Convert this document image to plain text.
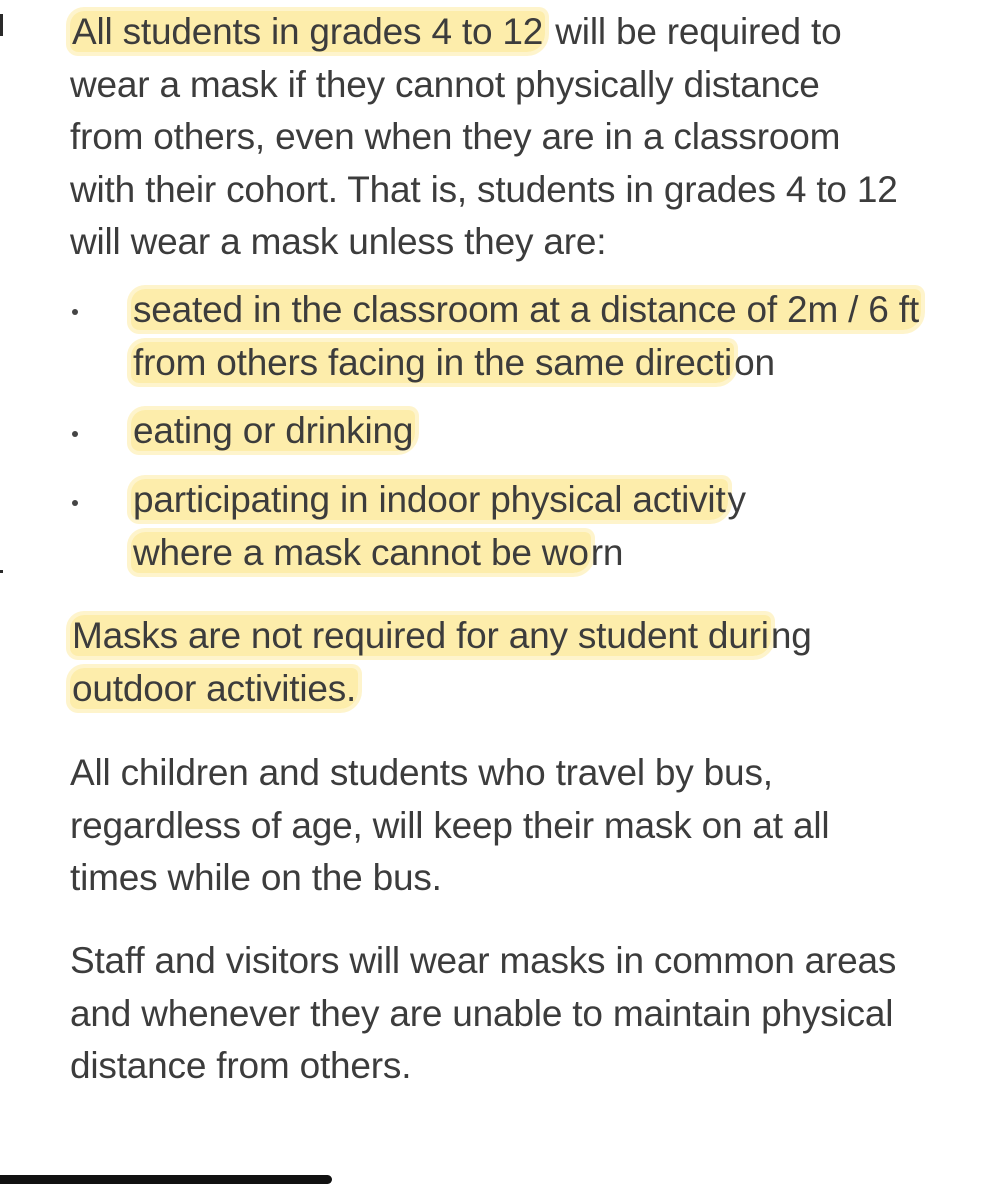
All students in grades 4 to 12 will be required to
wear a mask if they cannot physically distance
from others, even when they are in a classroom
with their cohort. That is, students in grades 4 to 12
will wear a mask unless they are:

seated in the classroom at a distance of 2m / 6 ft
from others facing in the same direction

eating or drinking

participating in indoor physical activity
where a mask cannot be worn

Masks are not required for any student during
outdoor activities.

All children and students who travel by bus,
regardless of age, will keep their mask on at all
times while on the bus.

Staff and visitors will wear masks in common areas
and whenever they are unable to maintain physical
distance from others.
